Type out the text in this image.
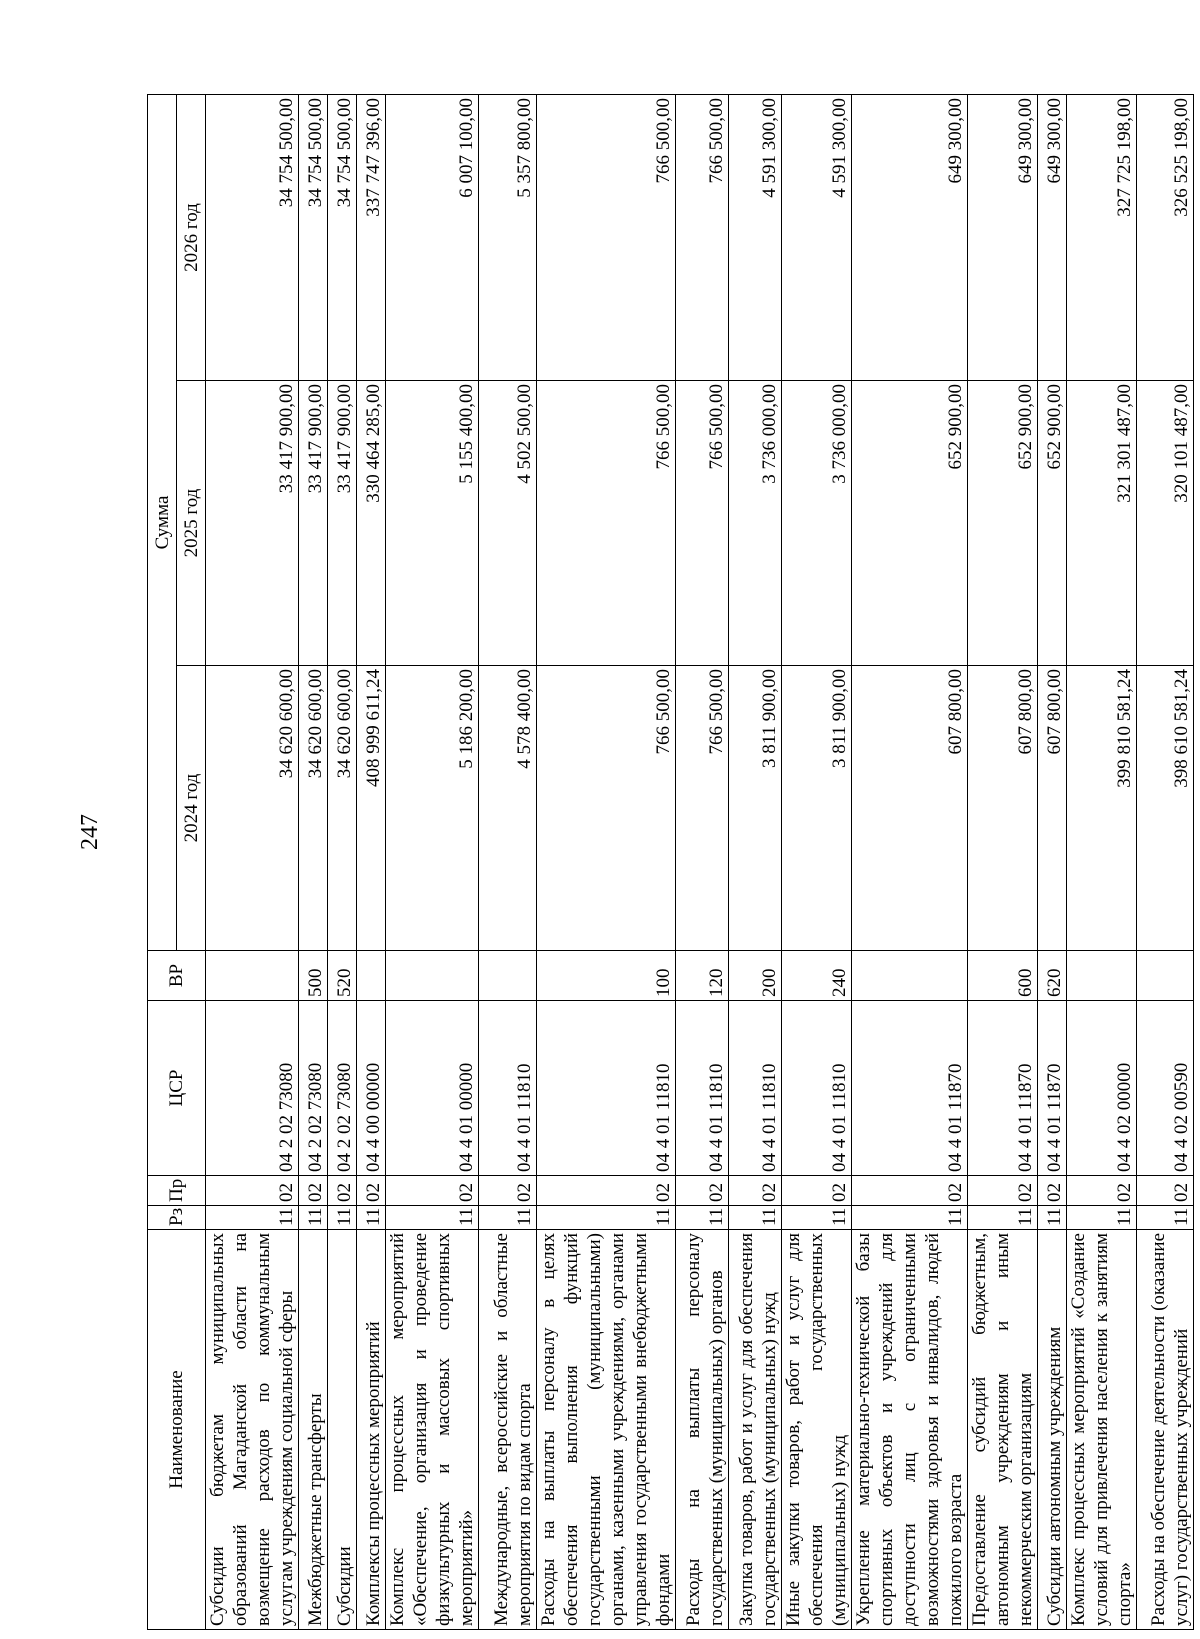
247
Наименование	Рз	Пр	ЦСР	ВР	Сумма		
					2024 год	2025 год	2026 год
Субсидии бюджетам муниципальных образований Магаданской области на возмещение расходов по коммунальным услугам учреждениям социальной сферы	11	02	04 2 02 73080		34 620 600,00	33 417 900,00	34 754 500,00
Межбюджетные трансферты	11	02	04 2 02 73080	500	34 620 600,00	33 417 900,00	34 754 500,00
Субсидии	11	02	04 2 02 73080	520	34 620 600,00	33 417 900,00	34 754 500,00
Комплексы процессных мероприятий	11	02	04 4 00 00000		408 999 611,24	330 464 285,00	337 747 396,00
Комплекс процессных мероприятий «Обеспечение, организация и проведение физкультурных и массовых спортивных мероприятий»	11	02	04 4 01 00000		5 186 200,00	5 155 400,00	6 007 100,00
Международные, всероссийские и областные мероприятия по видам спорта	11	02	04 4 01 11810		4 578 400,00	4 502 500,00	5 357 800,00
Расходы на выплаты персоналу в целях обеспечения выполнения функций государственными (муниципальными) органами, казенными учреждениями, органами управления государственными внебюджетными фондами	11	02	04 4 01 11810	100	766 500,00	766 500,00	766 500,00
Расходы на выплаты персоналу государственных (муниципальных) органов	11	02	04 4 01 11810	120	766 500,00	766 500,00	766 500,00
Закупка товаров, работ и услуг для обеспечения государственных (муниципальных) нужд	11	02	04 4 01 11810	200	3 811 900,00	3 736 000,00	4 591 300,00
Иные закупки товаров, работ и услуг для обеспечения государственных (муниципальных) нужд	11	02	04 4 01 11810	240	3 811 900,00	3 736 000,00	4 591 300,00
Укрепление материально-технической базы спортивных объектов и учреждений для доступности лиц с ограниченными возможностями здоровья и инвалидов, людей пожилого возраста	11	02	04 4 01 11870		607 800,00	652 900,00	649 300,00
Предоставление субсидий бюджетным, автономным учреждениям и иным некоммерческим организациям	11	02	04 4 01 11870	600	607 800,00	652 900,00	649 300,00
Субсидии автономным учреждениям	11	02	04 4 01 11870	620	607 800,00	652 900,00	649 300,00
Комплекс процессных мероприятий «Создание условий для привлечения населения к занятиям спорта»	11	02	04 4 02 00000		399 810 581,24	321 301 487,00	327 725 198,00
Расходы на обеспечение деятельности (оказание услуг) государственных учреждений	11	02	04 4 02 00590		398 610 581,24	320 101 487,00	326 525 198,00
